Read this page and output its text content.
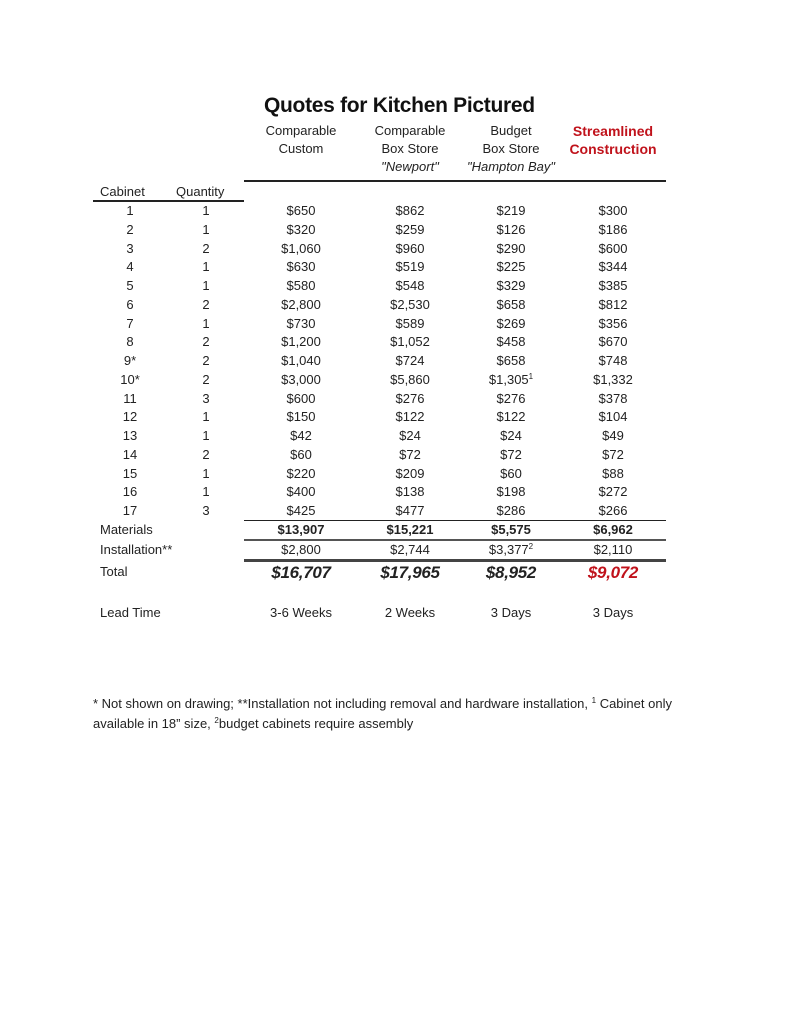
Quotes for Kitchen Pictured
Comparable
Custom
Comparable
Box Store
"Newport"
Budget
Box Store
"Hampton Bay"
Streamlined
Construction
Cabinet Quantity
1	1	$650	$862	$219	$300
2	1	$320	$259	$126	$186
3	2	$1,060	$960	$290	$600
4	1	$630	$519	$225	$344
5	1	$580	$548	$329	$385
6	2	$2,800	$2,530	$658	$812
7	1	$730	$589	$269	$356
8	2	$1,200	$1,052	$458	$670
9*	2	$1,040	$724	$658	$748
10*	2	$3,000	$5,860	$1,305$^1$	$1,332
11	3	$600	$276	$276	$378
12	1	$150	$122	$122	$104
13	1	$42	$24	$24	$49
14	2	$60	$72	$72	$72
15	1	$220	$209	$60	$88
16	1	$400	$138	$198	$272
17	3	$425	$477	$286	$266
Materials	$13,907	$15,221	$5,575	$6,962
Installation**	$2,800	$2,744	$3,377$^2$	$2,110
Total	$16,707	$17,965	$8,952	$9,072
Lead Time	3-6 Weeks	2 Weeks	3 Days	3 Days
* Not shown on drawing; **Installation not including removal and hardware installation, $^1$ Cabinet only available in 18” size, $^2$budget cabinets require assembly
